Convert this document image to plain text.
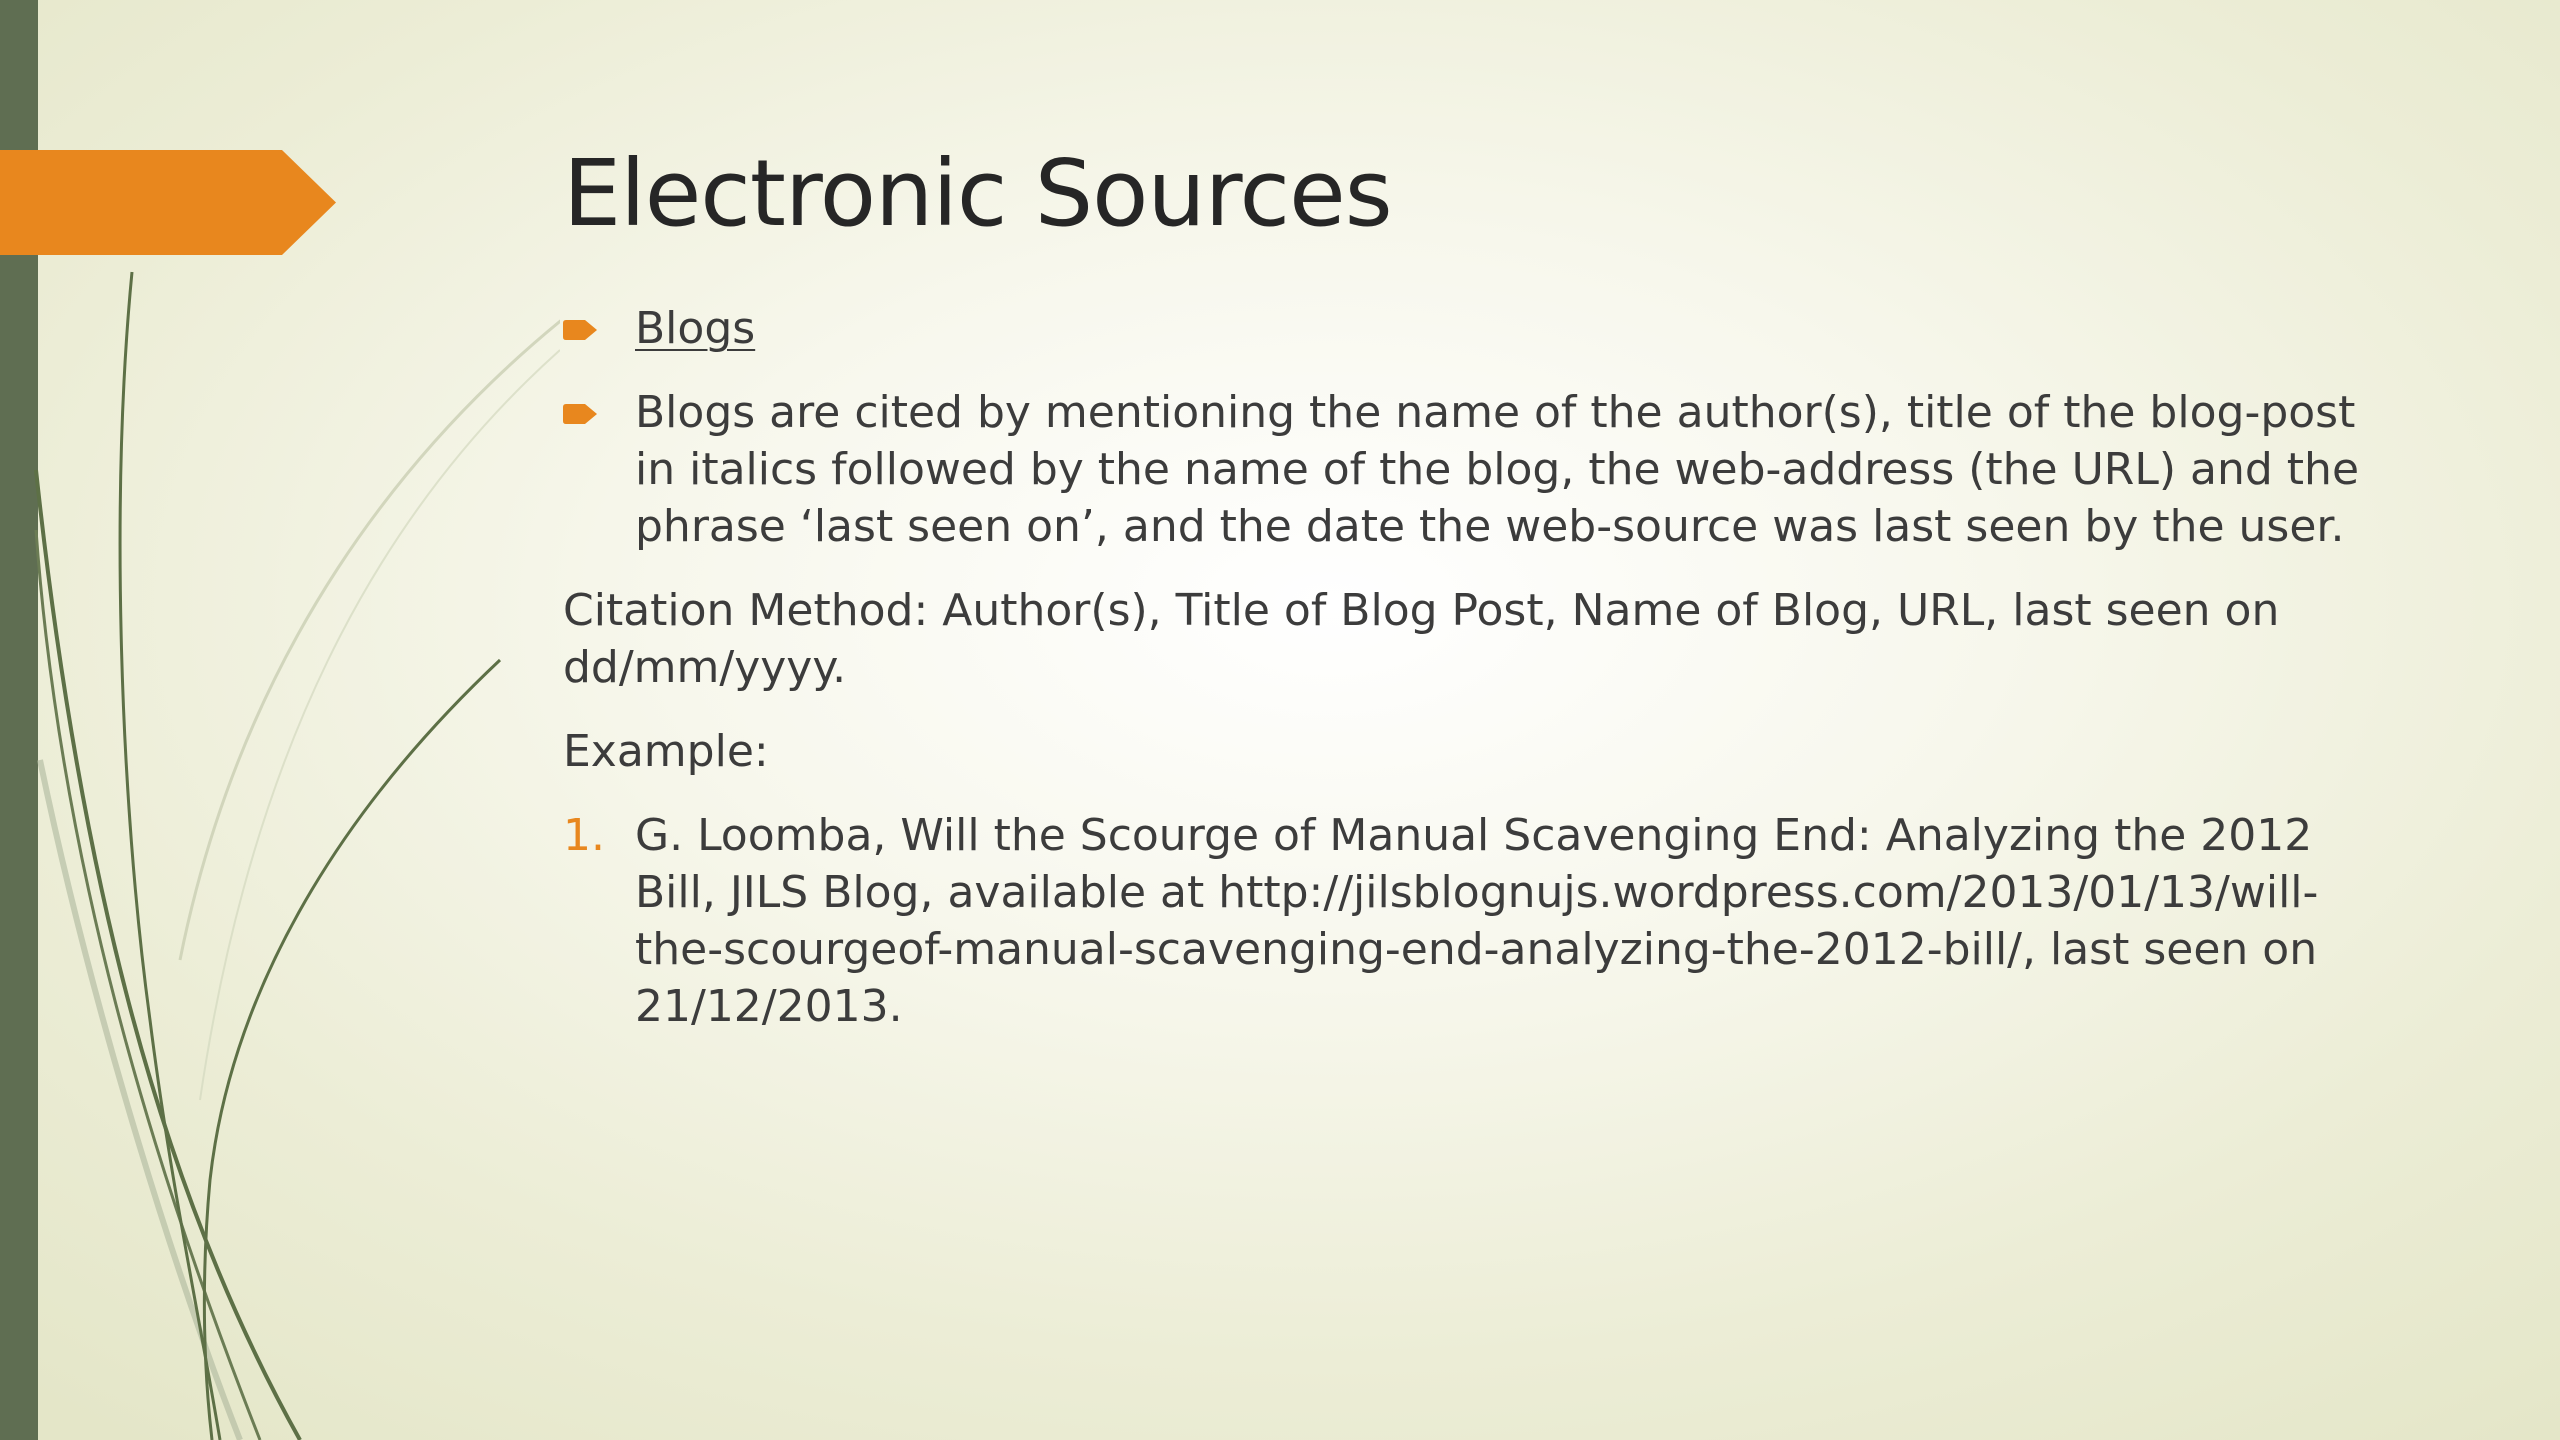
Electronic Sources
Blogs
Blogs are cited by mentioning the name of the author(s), title of the blog-post in italics followed by the name of the blog, the web-address (the URL) and the phrase ‘last seen on’, and the date the web-source was last seen by the user.
Citation Method: Author(s), Title of Blog Post, Name of Blog, URL, last seen on dd/mm/yyyy.
Example:
1. G. Loomba, Will the Scourge of Manual Scavenging End: Analyzing the 2012 Bill, JILS Blog, available at http://jilsblognujs.wordpress.com/2013/01/13/will-the-scourgeof-manual-scavenging-end-analyzing-the-2012-bill/, last seen on 21/12/2013.
